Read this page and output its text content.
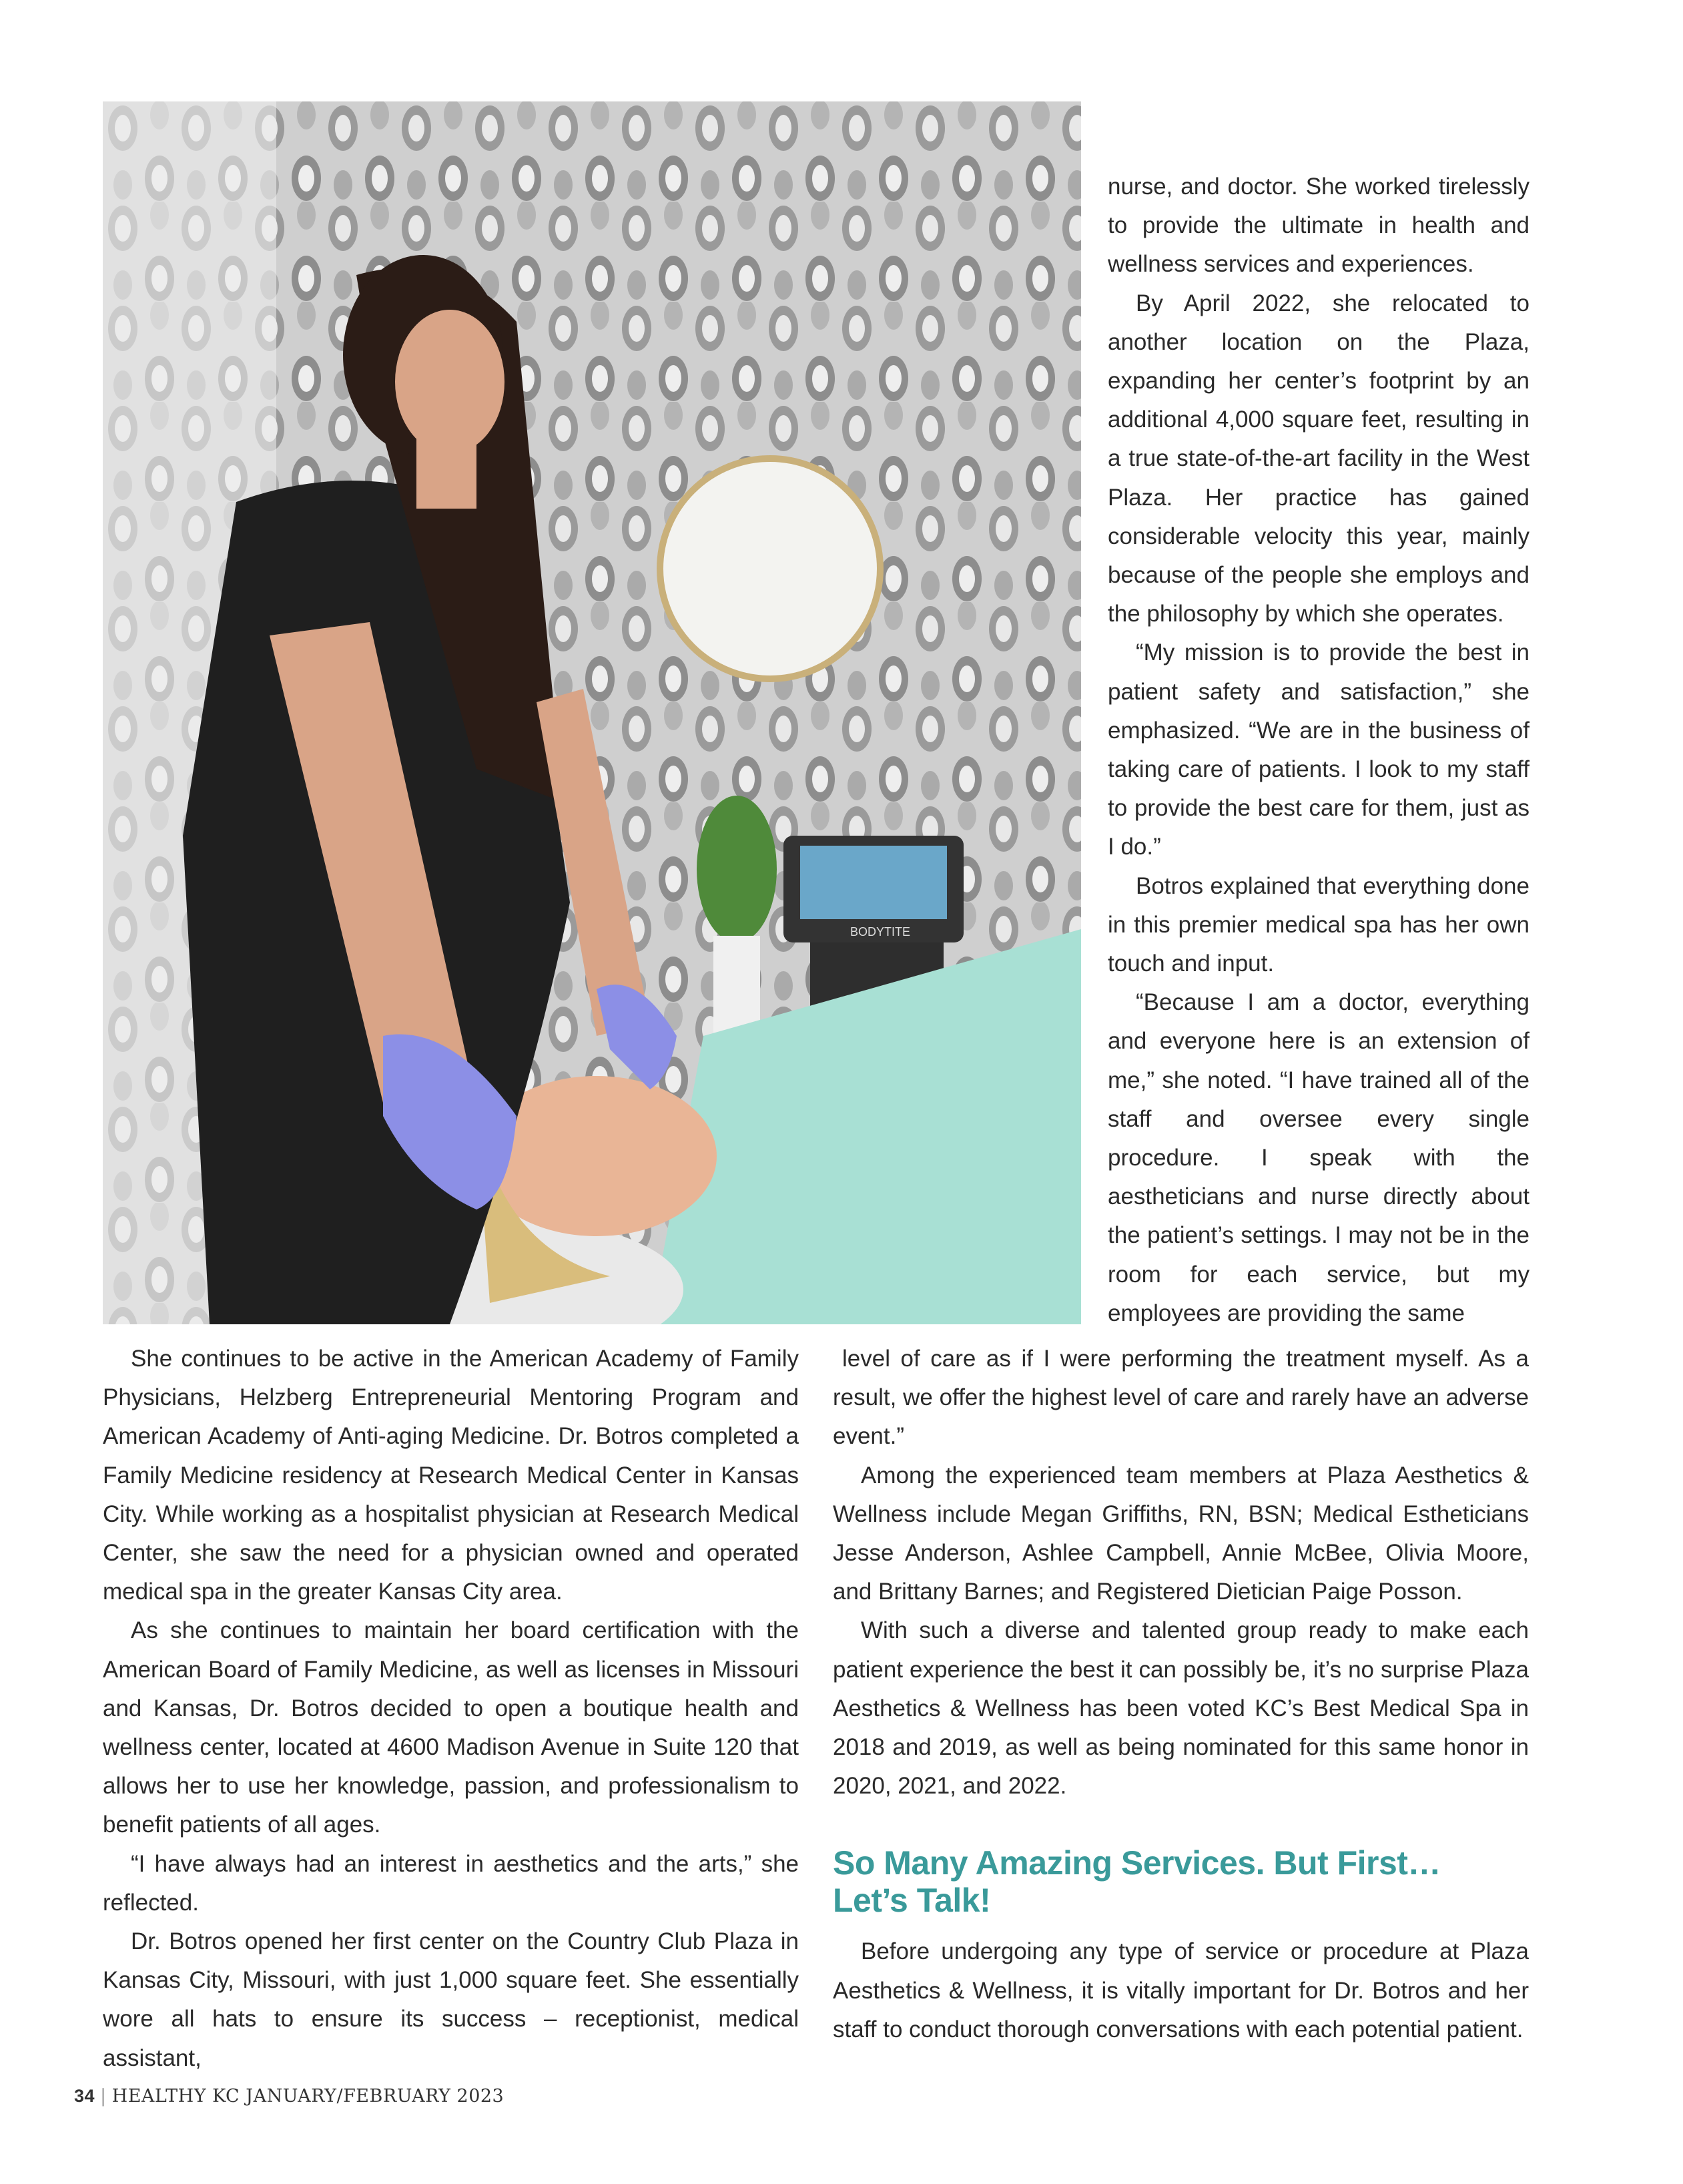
BODYTITE

nurse, and doctor. She worked tirelessly to provide the ultimate in health and wellness services and experiences.

By April 2022, she relocated to another location on the Plaza, expanding her center’s footprint by an additional 4,000 square feet, resulting in a true state-of-the-art facility in the West Plaza. Her practice has gained considerable velocity this year, mainly because of the people she employs and the philosophy by which she operates.

“My mission is to provide the best in patient safety and satisfaction,” she emphasized. “We are in the business of taking care of patients. I look to my staff to provide the best care for them, just as I do.”

Botros explained that everything done in this premier medical spa has her own touch and input.

“Because I am a doctor, everything and everyone here is an extension of me,” she noted. “I have trained all of the staff and oversee every single procedure. I speak with the aestheticians and nurse directly about the patient’s settings. I may not be in the room for each service, but my employees are providing the same

She continues to be active in the American Academy of Family Physicians, Helzberg Entrepreneurial Mentoring Program and American Academy of Anti-aging Medicine. Dr. Botros completed a Family Medicine residency at Research Medical Center in Kansas City. While working as a hospitalist physician at Research Medical Center, she saw the need for a physician owned and operated medical spa in the greater Kansas City area.

As she continues to maintain her board certification with the American Board of Family Medicine, as well as licenses in Missouri and Kansas, Dr. Botros decided to open a boutique health and wellness center, located at 4600 Madison Avenue in Suite 120 that allows her to use her knowledge, passion, and professionalism to benefit patients of all ages.

“I have always had an interest in aesthetics and the arts,” she reflected.

Dr. Botros opened her first center on the Country Club Plaza in Kansas City, Missouri, with just 1,000 square feet. She essentially wore all hats to ensure its success – receptionist, medical assistant,

level of care as if I were performing the treatment myself. As a result, we offer the highest level of care and rarely have an adverse event.”

Among the experienced team members at Plaza Aesthetics & Wellness include Megan Griffiths, RN, BSN; Medical Estheticians Jesse Anderson, Ashlee Campbell, Annie McBee, Olivia Moore, and Brittany Barnes; and Registered Dietician Paige Posson.

With such a diverse and talented group ready to make each patient experience the best it can possibly be, it’s no surprise Plaza Aesthetics & Wellness has been voted KC’s Best Medical Spa in 2018 and 2019, as well as being nominated for this same honor in 2020, 2021, and 2022.

So Many Amazing Services. But First…
Let’s Talk!

Before undergoing any type of service or procedure at Plaza Aesthetics & Wellness, it is vitally important for Dr. Botros and her staff to conduct thorough conversations with each potential patient.

34 | HEALTHY KC JANUARY/FEBRUARY 2023
